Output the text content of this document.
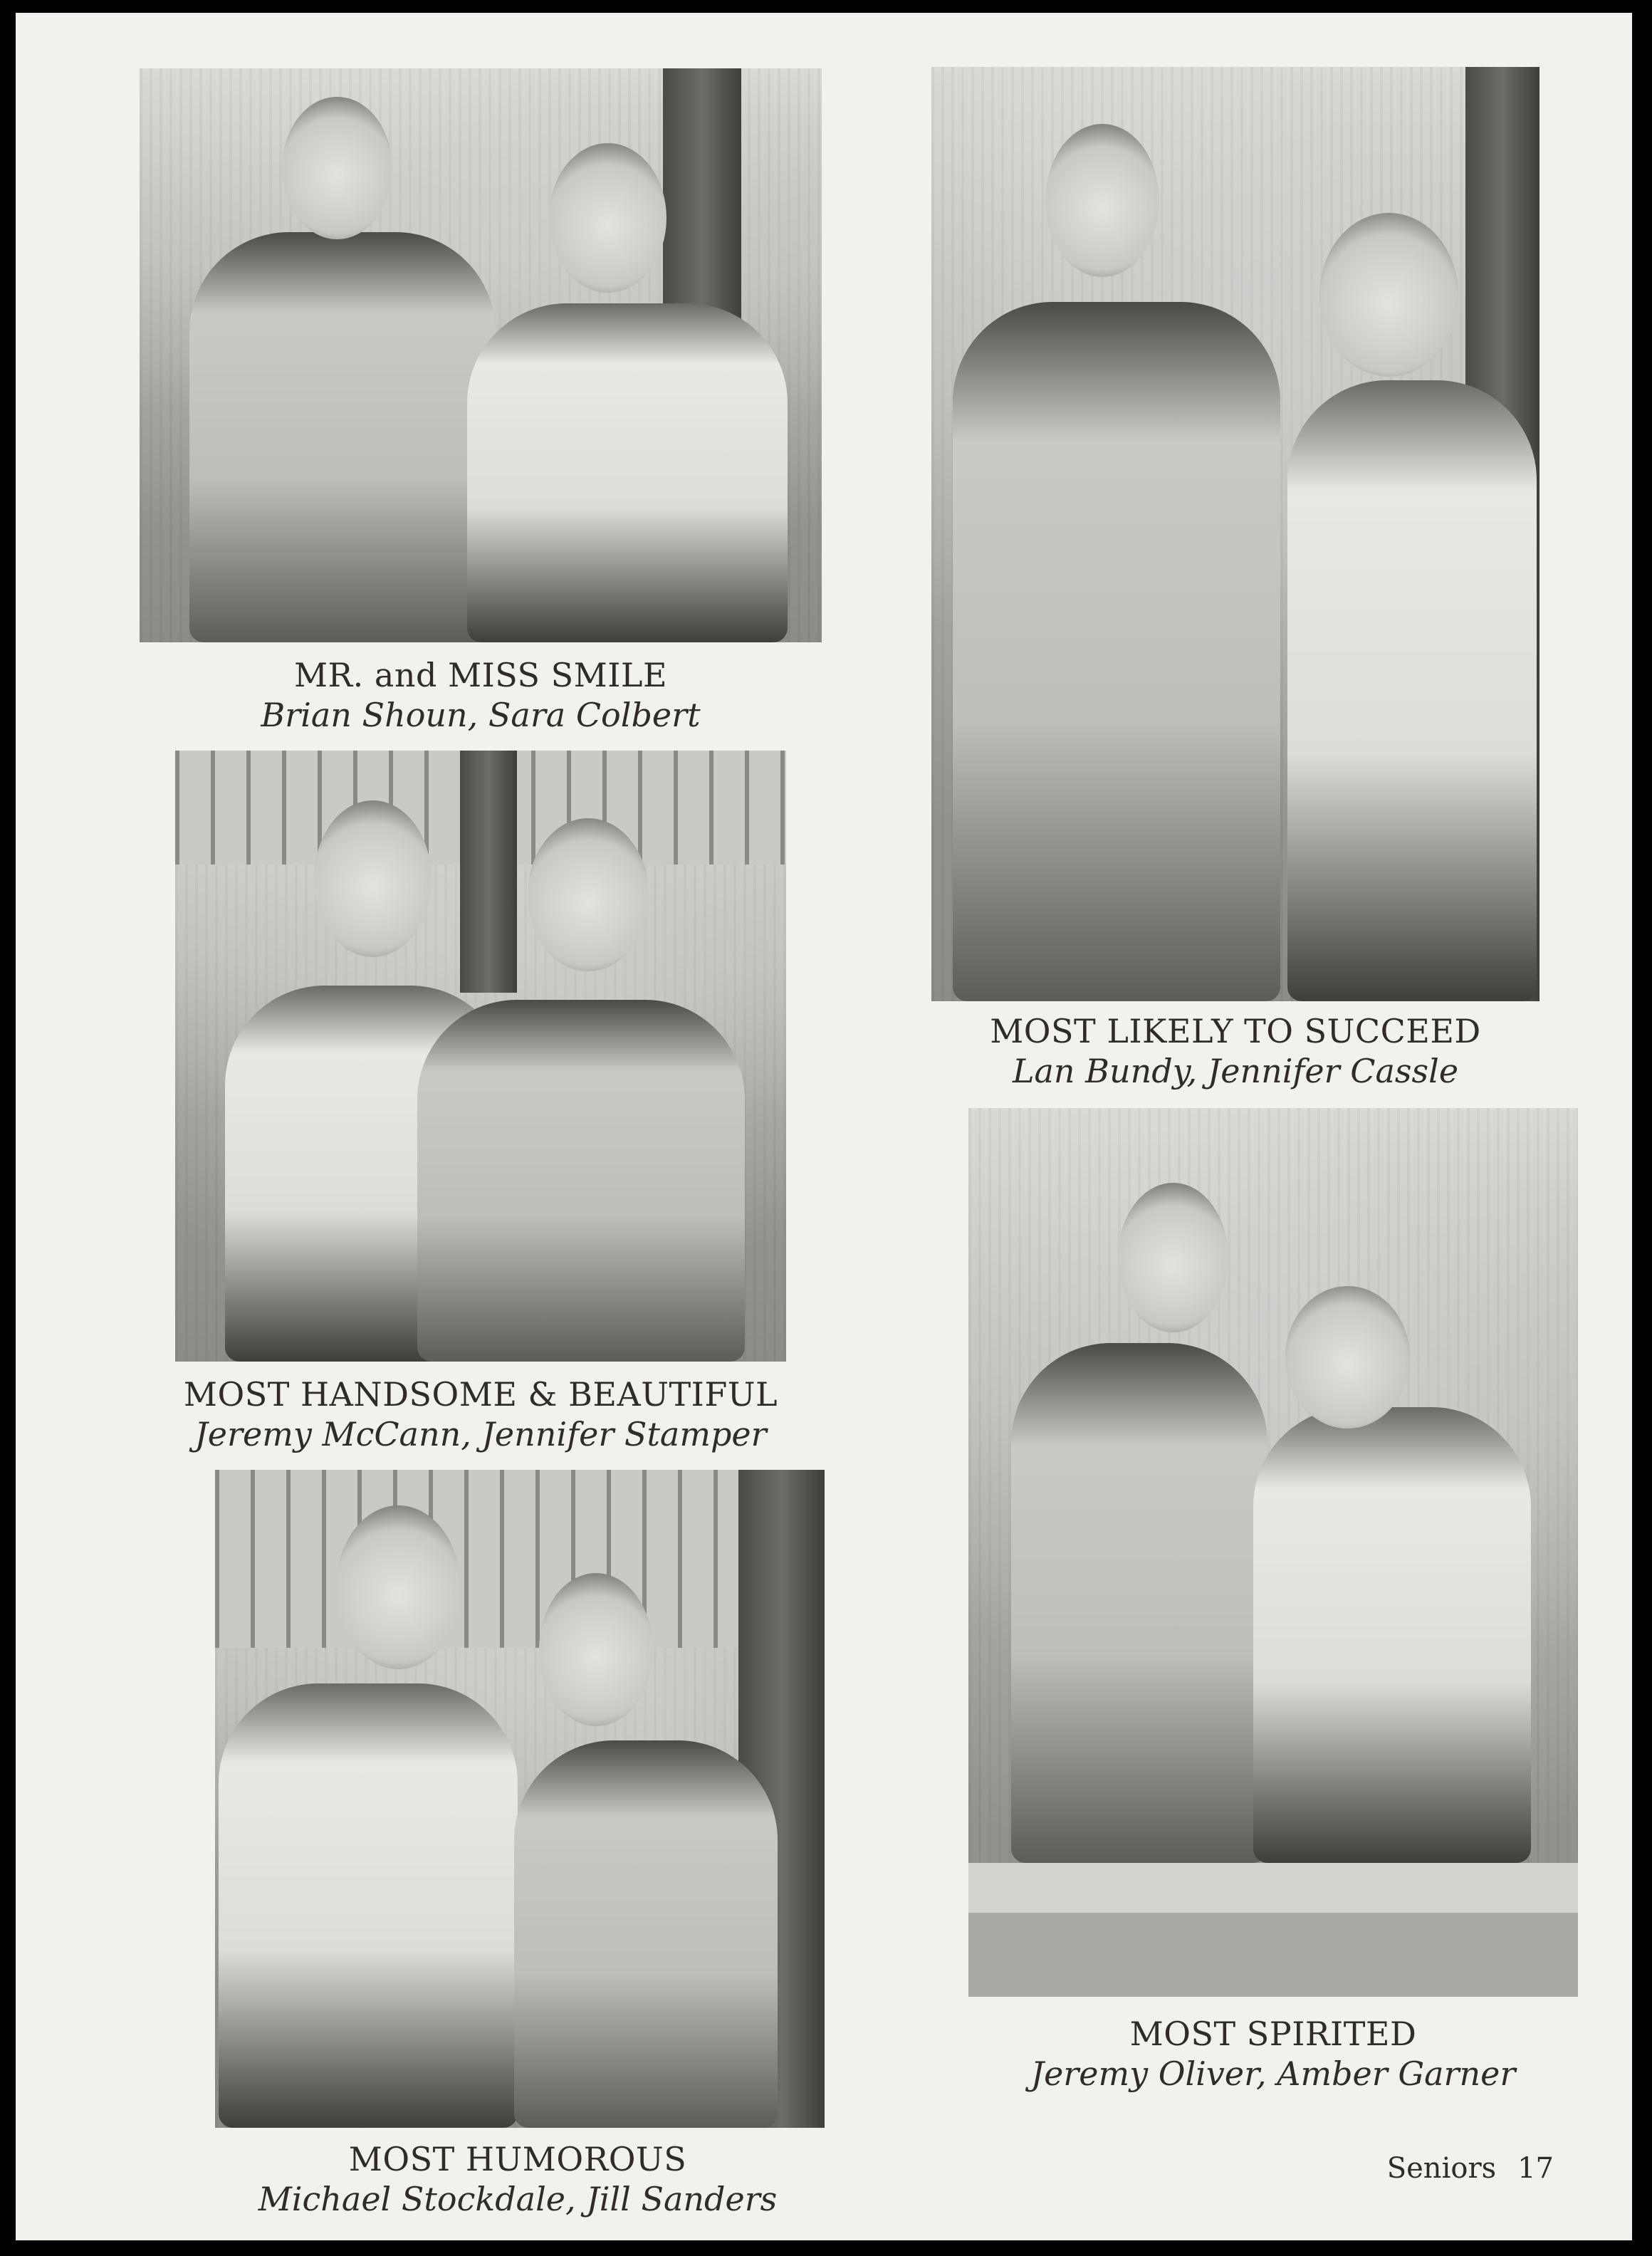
MR. and MISS SMILE
Brian Shoun, Sara Colbert
MOST LIKELY TO SUCCEED
Lan Bundy, Jennifer Cassle
MOST HANDSOME & BEAUTIFUL
Jeremy McCann, Jennifer Stamper
MOST SPIRITED
Jeremy Oliver, Amber Garner
MOST HUMOROUS
Michael Stockdale, Jill Sanders
Seniors 17
